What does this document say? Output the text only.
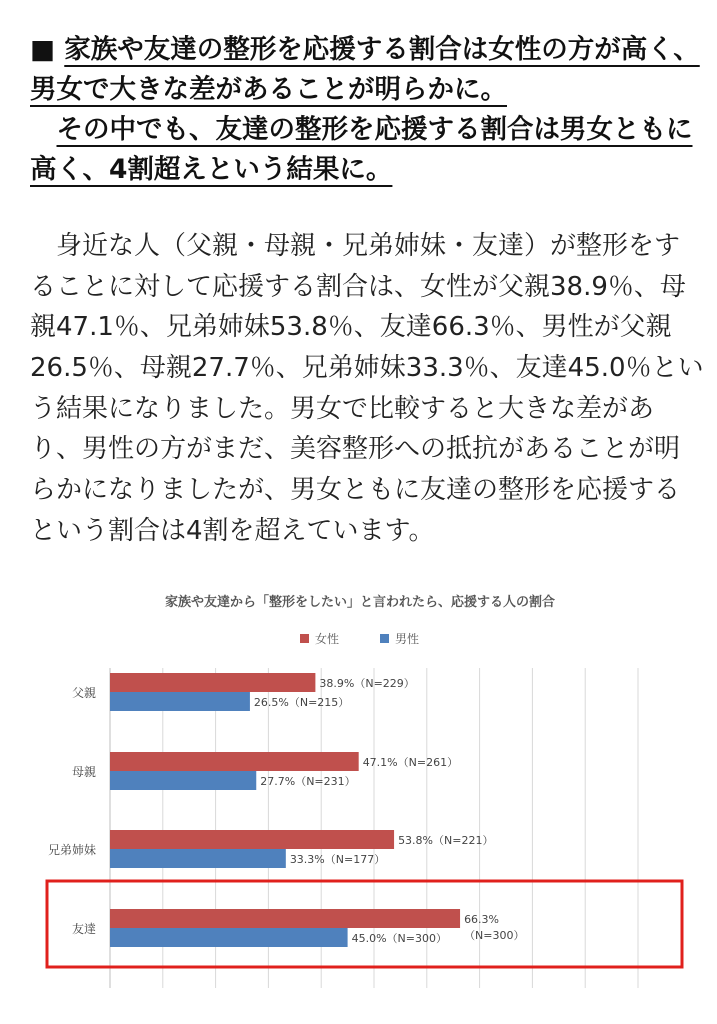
■ 家族や友達の整形を応援する割合は女性の方が高く、
男女で大きな差があることが明らかに。
　その中でも、友達の整形を応援する割合は男女ともに
高く、4割超えという結果に。
　身近な人（父親・母親・兄弟姉妹・友達）が整形をす
ることに対して応援する割合は、女性が父親38.9％、母
親47.1％、兄弟姉妹53.8％、友達66.3％、男性が父親
26.5％、母親27.7％、兄弟姉妹33.3％、友達45.0％とい
う結果になりました。男女で比較すると大きな差があ
り、男性の方がまだ、美容整形への抵抗があることが明
らかになりましたが、男女ともに友達の整形を応援する
という割合は4割を超えています。
家族や友達から「整形をしたい」と言われたら、応援する人の割合
女性	男性
父親
38.9%（N=229）
26.5%（N=215）
母親
47.1%（N=261）
27.7%（N=231）
兄弟姉妹
53.8%（N=221）
33.3%（N=177）
友達
66.3%
45.0%（N=300） （N=300）
